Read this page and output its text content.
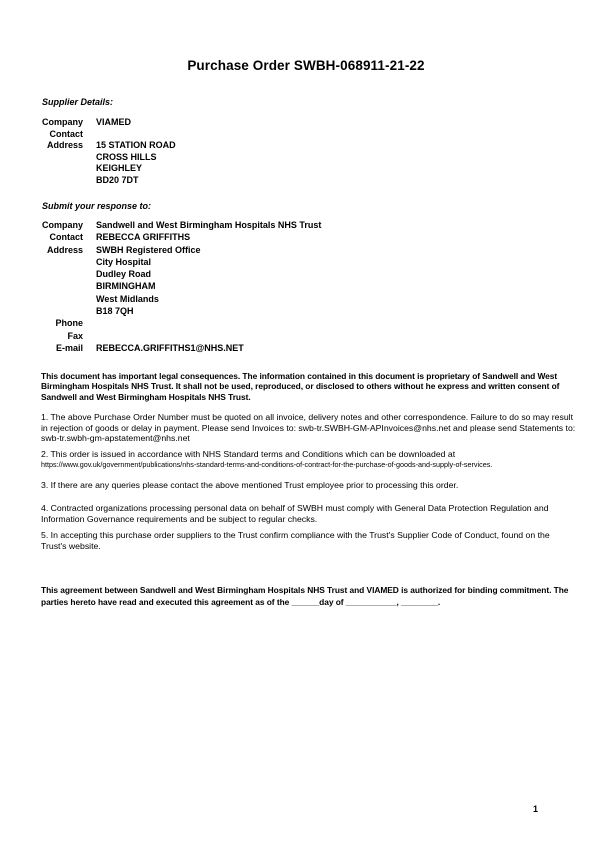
Purchase Order SWBH-068911-21-22
Supplier Details:
Company VIAMED
Contact
Address 15 STATION ROAD
CROSS HILLS
KEIGHLEY
BD20 7DT
Submit your response to:
Company Sandwell and West Birmingham Hospitals NHS Trust
Contact REBECCA GRIFFITHS
Address SWBH Registered Office
City Hospital
Dudley Road
BIRMINGHAM
West Midlands
B18 7QH
Phone
Fax
E-mail REBECCA.GRIFFITHS1@NHS.NET
This document has important legal consequences. The information contained in this document is proprietary of Sandwell and West Birmingham Hospitals NHS Trust. It shall not be used, reproduced, or disclosed to others without he express and written consent of Sandwell and West Birmingham Hospitals NHS Trust.
1. The above Purchase Order Number must be quoted on all invoice, delivery notes and other correspondence. Failure to do so may result in rejection of goods or delay in payment. Please send Invoices to: swb-tr.SWBH-GM-APInvoices@nhs.net and please send Statements to: swb-tr.swbh-gm-apstatement@nhs.net
2. This order is issued in accordance with NHS Standard terms and Conditions which can be downloaded at
https://www.gov.uk/government/publications/nhs-standard-terms-and-conditions-of-contract-for-the-purchase-of-goods-and-supply-of-services.
3. If there are any queries please contact the above mentioned Trust employee prior to processing this order.
4. Contracted organizations processing personal data on behalf of SWBH must comply with General Data Protection Regulation and Information Governance requirements and be subject to regular checks.
5. In accepting this purchase order suppliers to the Trust confirm compliance with the Trust's Supplier Code of Conduct, found on the Trust's website.
This agreement between Sandwell and West Birmingham Hospitals NHS Trust and VIAMED is authorized for binding commitment. The parties hereto have read and executed this agreement as of the ______day of ___________, ________.
1
